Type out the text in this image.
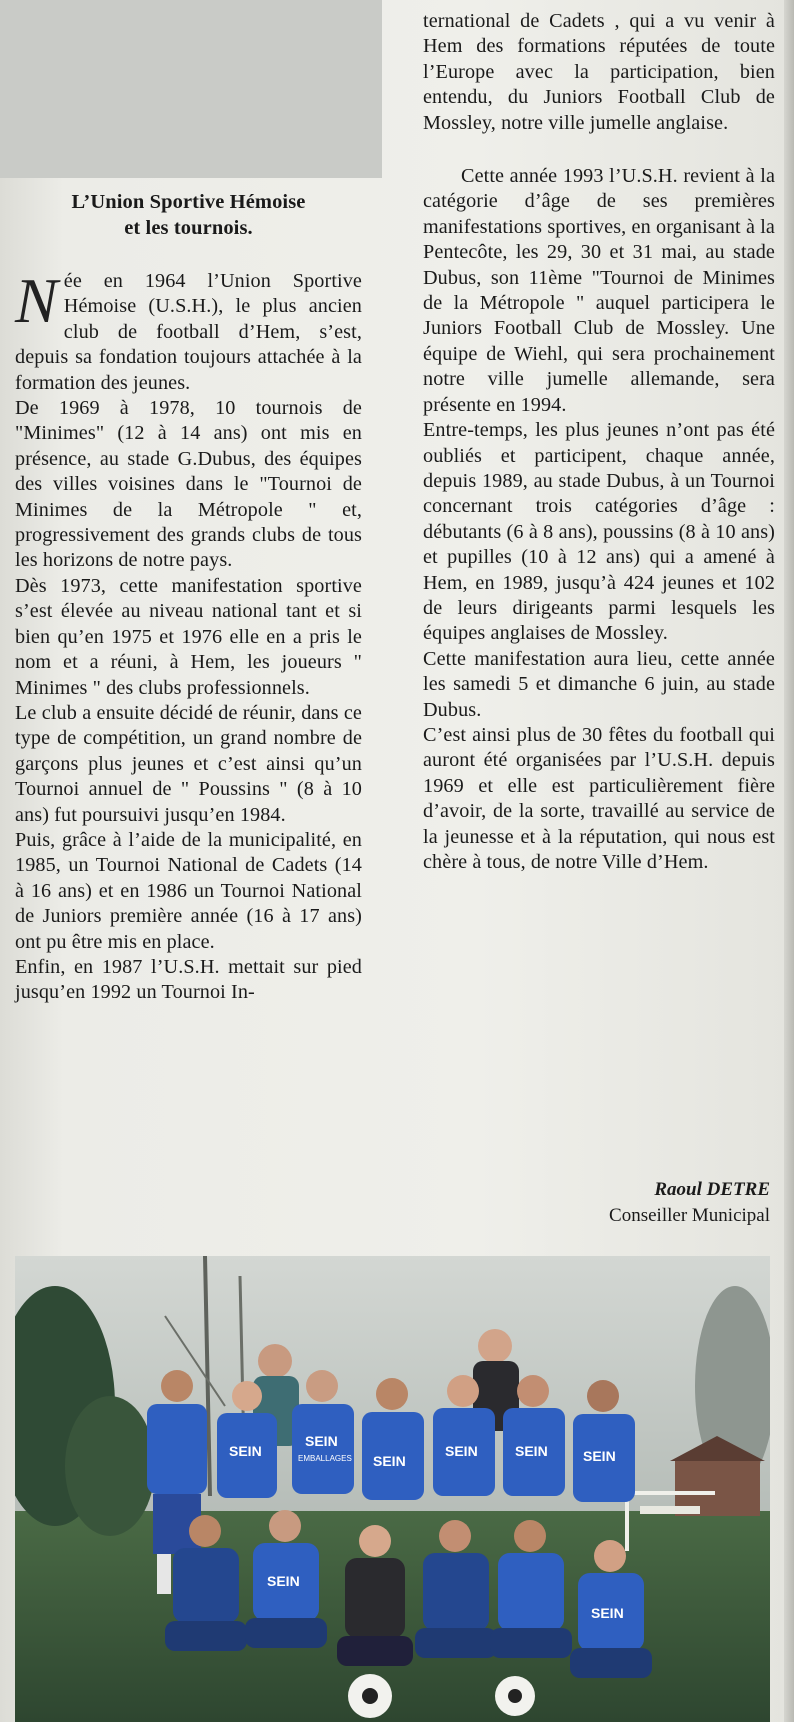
L’Union Sportive Hémoise
et les tournois.

Née en 1964 l’Union Sportive Hémoise (U.S.H.), le plus ancien club de football d’Hem, s’est, depuis sa fondation toujours attachée à la formation des jeunes.

De 1969 à 1978, 10 tournois de "Minimes" (12 à 14 ans) ont mis en présence, au stade G.Dubus, des équipes des villes voisines dans le "Tournoi de Minimes de la Métropole " et, progressivement des grands clubs de tous les horizons de notre pays.

Dès 1973, cette manifestation sportive s’est élevée au niveau national tant et si bien qu’en 1975 et 1976 elle en a pris le nom et a réuni, à Hem, les joueurs " Minimes " des clubs professionnels.

Le club a ensuite décidé de réunir, dans ce type de compétition, un grand nombre de garçons plus jeunes et c’est ainsi qu’un Tournoi annuel de " Poussins " (8 à 10 ans) fut poursuivi jusqu’en 1984.

Puis, grâce à l’aide de la municipalité, en 1985, un Tournoi National de Cadets (14 à 16 ans) et en 1986 un Tournoi National de Juniors première année (16 à 17 ans) ont pu être mis en place.

Enfin, en 1987 l’U.S.H. mettait sur pied jusqu’en 1992 un Tournoi In-

ternational de Cadets , qui a vu venir à Hem des formations réputées de toute l’Europe avec la participation, bien entendu, du Juniors Football Club de Mossley, notre ville jumelle anglaise.

Cette année 1993 l’U.S.H. revient à la catégorie d’âge de ses premières manifestations sportives, en organisant à la Pentecôte, les 29, 30 et 31 mai, au stade Dubus, son 11ème "Tournoi de Minimes de la Métropole " auquel participera le Juniors Football Club de Mossley. Une équipe de Wiehl, qui sera prochainement notre ville jumelle allemande, sera présente en 1994.

Entre-temps, les plus jeunes n’ont pas été oubliés et participent, chaque année, depuis 1989, au stade Dubus, à un Tournoi concernant trois catégories d’âge : débutants (6 à 8 ans), poussins (8 à 10 ans) et pupilles (10 à 12 ans) qui a amené à Hem, en 1989, jusqu’à 424 jeunes et 102 de leurs dirigeants parmi lesquels les équipes anglaises de Mossley.

Cette manifestation aura lieu, cette année les samedi 5 et dimanche 6 juin, au stade Dubus.

C’est ainsi plus de 30 fêtes du football qui auront été organisées par l’U.S.H. depuis 1969 et elle est particulièrement fière d’avoir, de la sorte, travaillé au service de la jeunesse et à la réputation, qui nous est chère à tous, de notre Ville d’Hem.

Raoul DETRE
Conseiller Municipal
SEIN
SEIN
EMBALLAGES SEIN
SEIN	SEIN	SEIN
SEIN
SEIN
